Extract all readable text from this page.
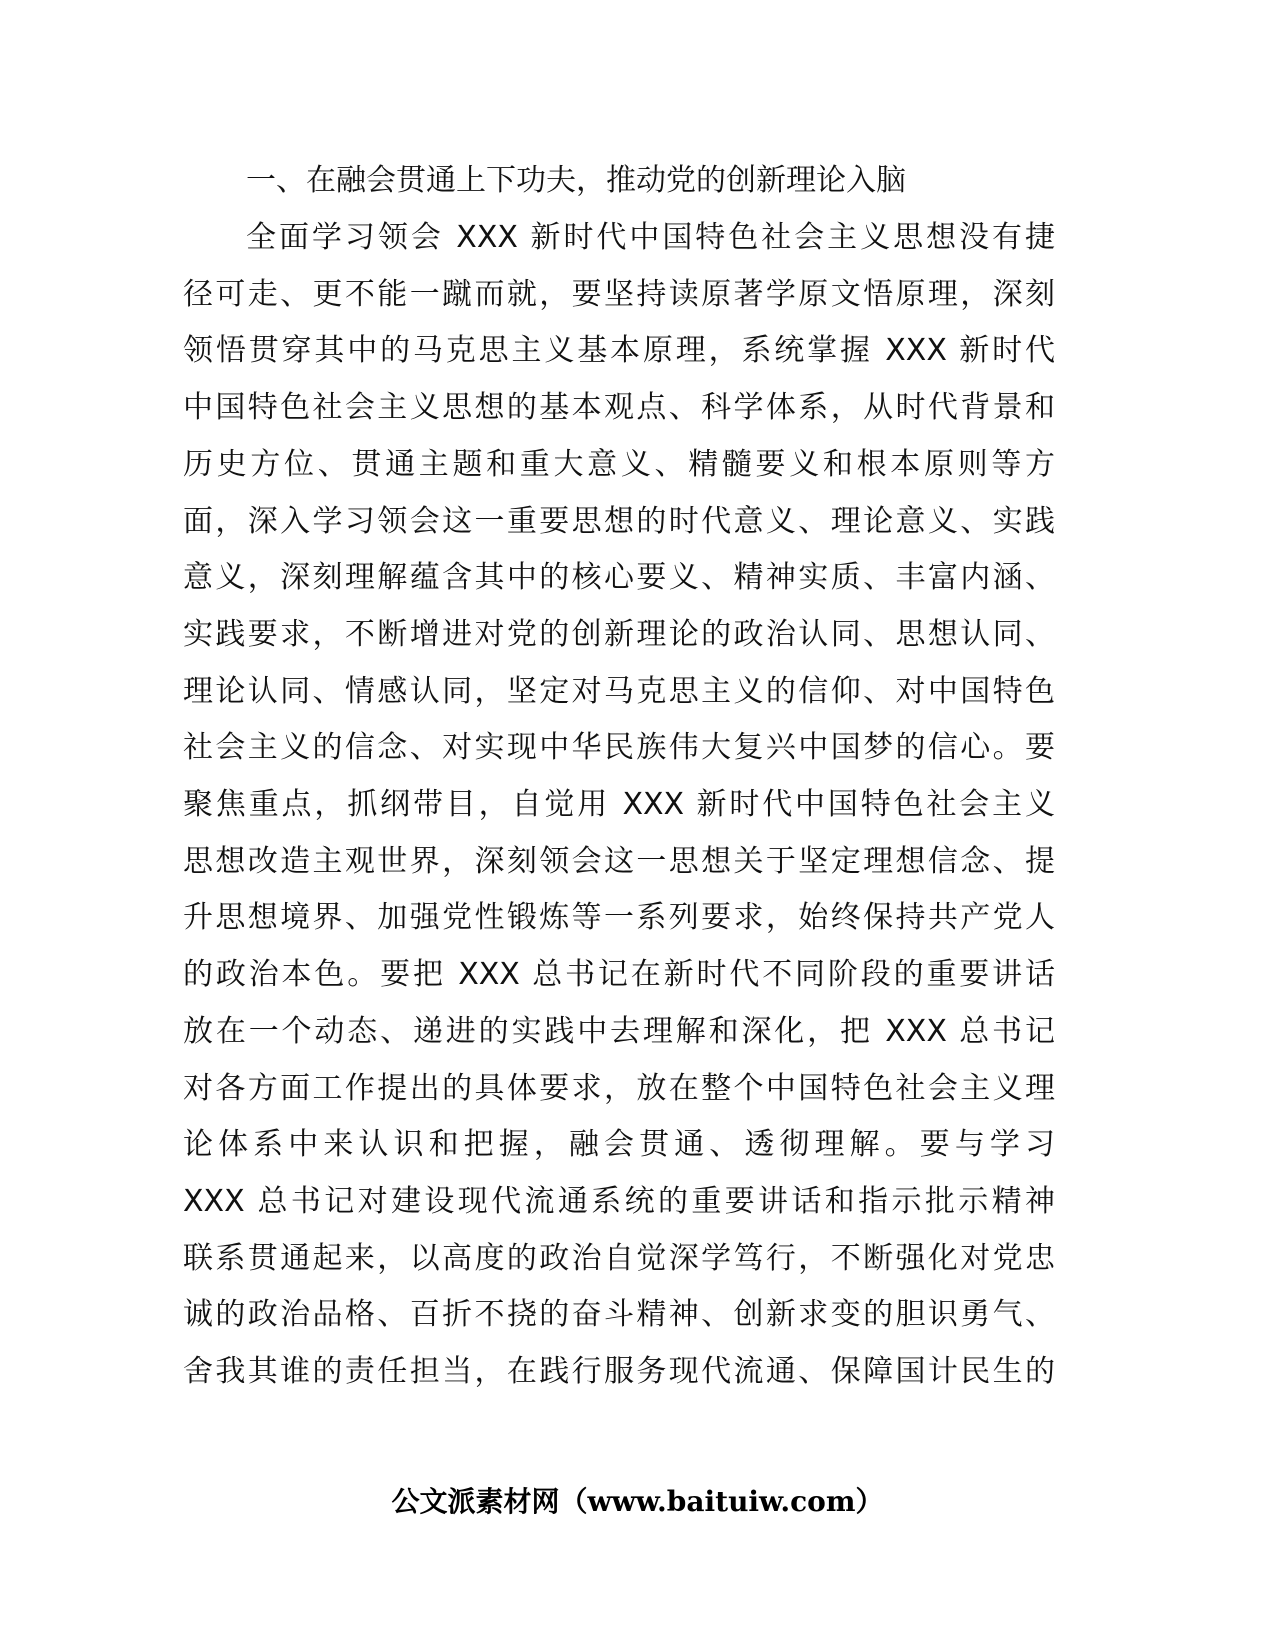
一、在融会贯通上下功夫，推动党的创新理论入脑

全面学习领会 XXX 新时代中国特色社会主义思想没有捷
径可走、更不能一蹴而就，要坚持读原著学原文悟原理，深刻
领悟贯穿其中的马克思主义基本原理，系统掌握 XXX 新时代
中国特色社会主义思想的基本观点、科学体系，从时代背景和
历史方位、贯通主题和重大意义、精髓要义和根本原则等方
面，深入学习领会这一重要思想的时代意义、理论意义、实践
意义，深刻理解蕴含其中的核心要义、精神实质、丰富内涵、
实践要求，不断增进对党的创新理论的政治认同、思想认同、
理论认同、情感认同，坚定对马克思主义的信仰、对中国特色
社会主义的信念、对实现中华民族伟大复兴中国梦的信心。要
聚焦重点，抓纲带目，自觉用 XXX 新时代中国特色社会主义
思想改造主观世界，深刻领会这一思想关于坚定理想信念、提
升思想境界、加强党性锻炼等一系列要求，始终保持共产党人
的政治本色。要把 XXX 总书记在新时代不同阶段的重要讲话
放在一个动态、递进的实践中去理解和深化，把 XXX 总书记
对各方面工作提出的具体要求，放在整个中国特色社会主义理
论体系中来认识和把握，融会贯通、透彻理解。要与学习
XXX 总书记对建设现代流通系统的重要讲话和指示批示精神
联系贯通起来，以高度的政治自觉深学笃行，不断强化对党忠
诚的政治品格、百折不挠的奋斗精神、创新求变的胆识勇气、
舍我其谁的责任担当，在践行服务现代流通、保障国计民生的

公文派素材网（www.baituiw.com）
